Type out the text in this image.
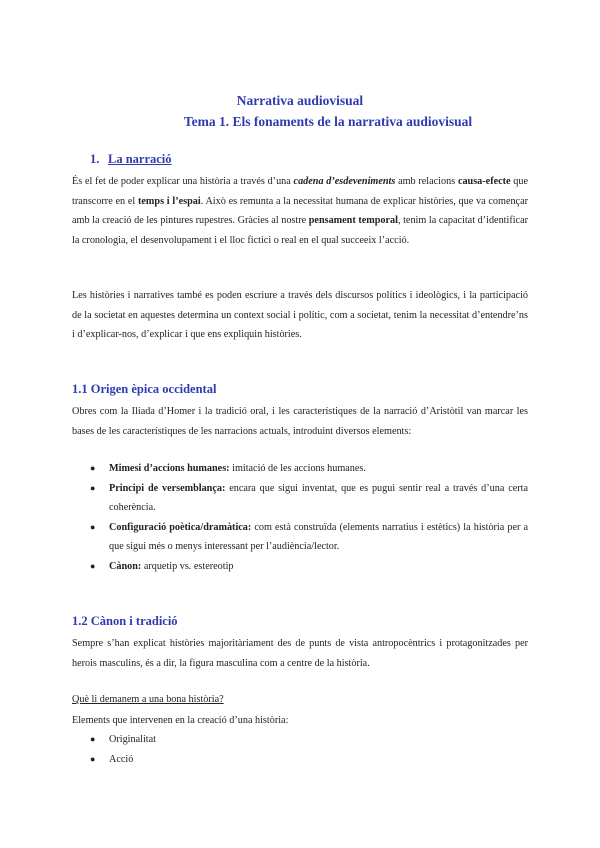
Narrativa audiovisual

Tema 1. Els fonaments de la narrativa audiovisual

1. La narració

És el fet de poder explicar una història a través d’una cadena d’esdeveniments amb relacions causa-efecte que transcorre en el temps i l’espai. Això es remunta a la necessitat humana de explicar històries, que va començar amb la creació de les pintures rupestres. Gràcies al nostre pensament temporal, tenim la capacitat d’identificar la cronologia, el desenvolupament i el lloc fictici o real en el qual succeeix l’acció.

Les històries i narratives també es poden escriure a través dels discursos polítics i ideològics, i la participació de la societat en aquestes determina un context social i polític, com a societat, tenim la necessitat d’entendre’ns i d’explicar-nos, d’explicar i que ens expliquin històries.

1.1 Origen èpica occidental

Obres com la Iliada d’Homer i la tradició oral, i les característiques de la narració d’Aristòtil van marcar les bases de les característiques de les narracions actuals, introduint diversos elements:

● Mimesi d’accions humanes: imitació de les accions humanes.
● Principi de versemblança: encara que sigui inventat, que es pugui sentir real a través d’una certa coherència.
● Configuració poètica/dramàtica: com està construïda (elements narratius i estètics) la història per a que sigui més o menys interessant per l’audiència/lector.
● Cànon: arquetip vs. estereotip

1.2 Cànon i tradició

Sempre s’han explicat històries majoritàriament des de punts de vista antropocèntrics i protagonitzades per herois masculins, és a dir, la figura masculina com a centre de la història.

Què li demanem a una bona història?

Elements que intervenen en la creació d’una història:

● Originalitat
● Acció
